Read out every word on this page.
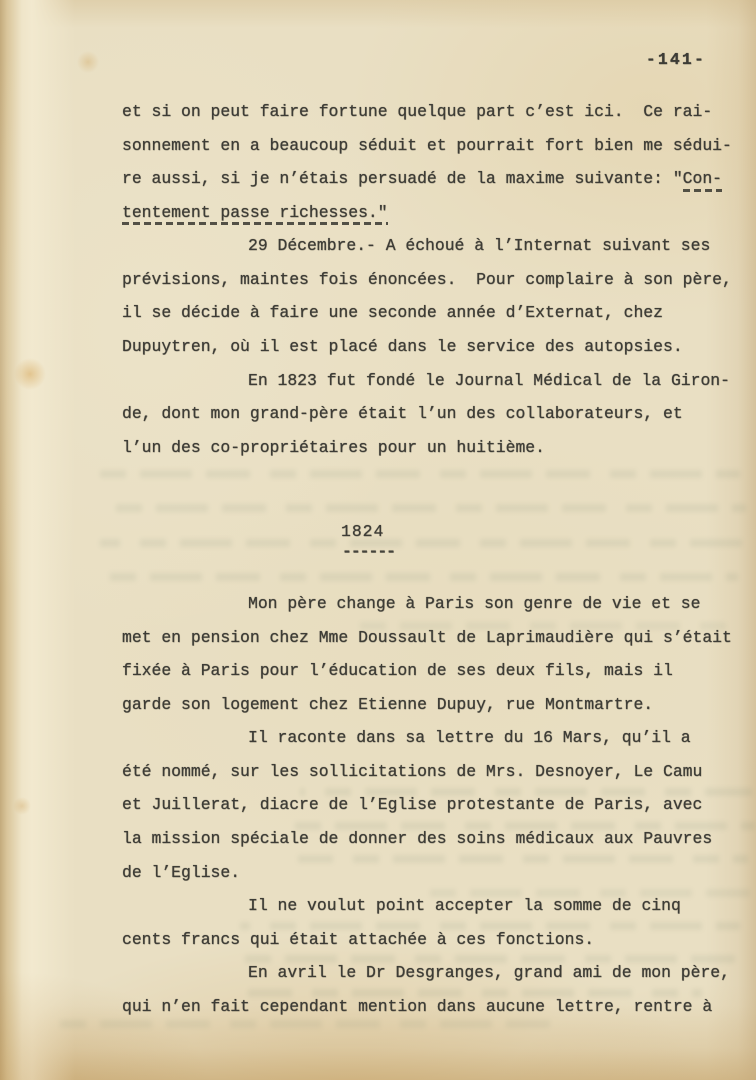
-141-
et si on peut faire fortune quelque part c’est ici.  Ce rai-
sonnement en a beaucoup séduit et pourrait fort bien me sédui-
re aussi, si je n’étais persuadé de la maxime suivante: "Con-
tentement passe richesses."
29 Décembre.- A échoué à l’Internat suivant ses
prévisions, maintes fois énoncées.  Pour complaire à son père,
il se décide à faire une seconde année d’Externat, chez
Dupuytren, où il est placé dans le service des autopsies.
En 1823 fut fondé le Journal Médical de la Giron-
de, dont mon grand-père était l’un des collaborateurs, et
l’un des co-propriétaires pour un huitième.
1824
------
Mon père change à Paris son genre de vie et se
met en pension chez Mme Doussault de Laprimaudière qui s’était
fixée à Paris pour l’éducation de ses deux fils, mais il
garde son logement chez Etienne Dupuy, rue Montmartre.
Il raconte dans sa lettre du 16 Mars, qu’il a
été nommé, sur les sollicitations de Mrs. Desnoyer, Le Camu
et Juillerat, diacre de l’Eglise protestante de Paris, avec
la mission spéciale de donner des soins médicaux aux Pauvres
de l’Eglise.
Il ne voulut point accepter la somme de cinq
cents francs qui était attachée à ces fonctions.
En avril le Dr Desgranges, grand ami de mon père,
qui n’en fait cependant mention dans aucune lettre, rentre à
